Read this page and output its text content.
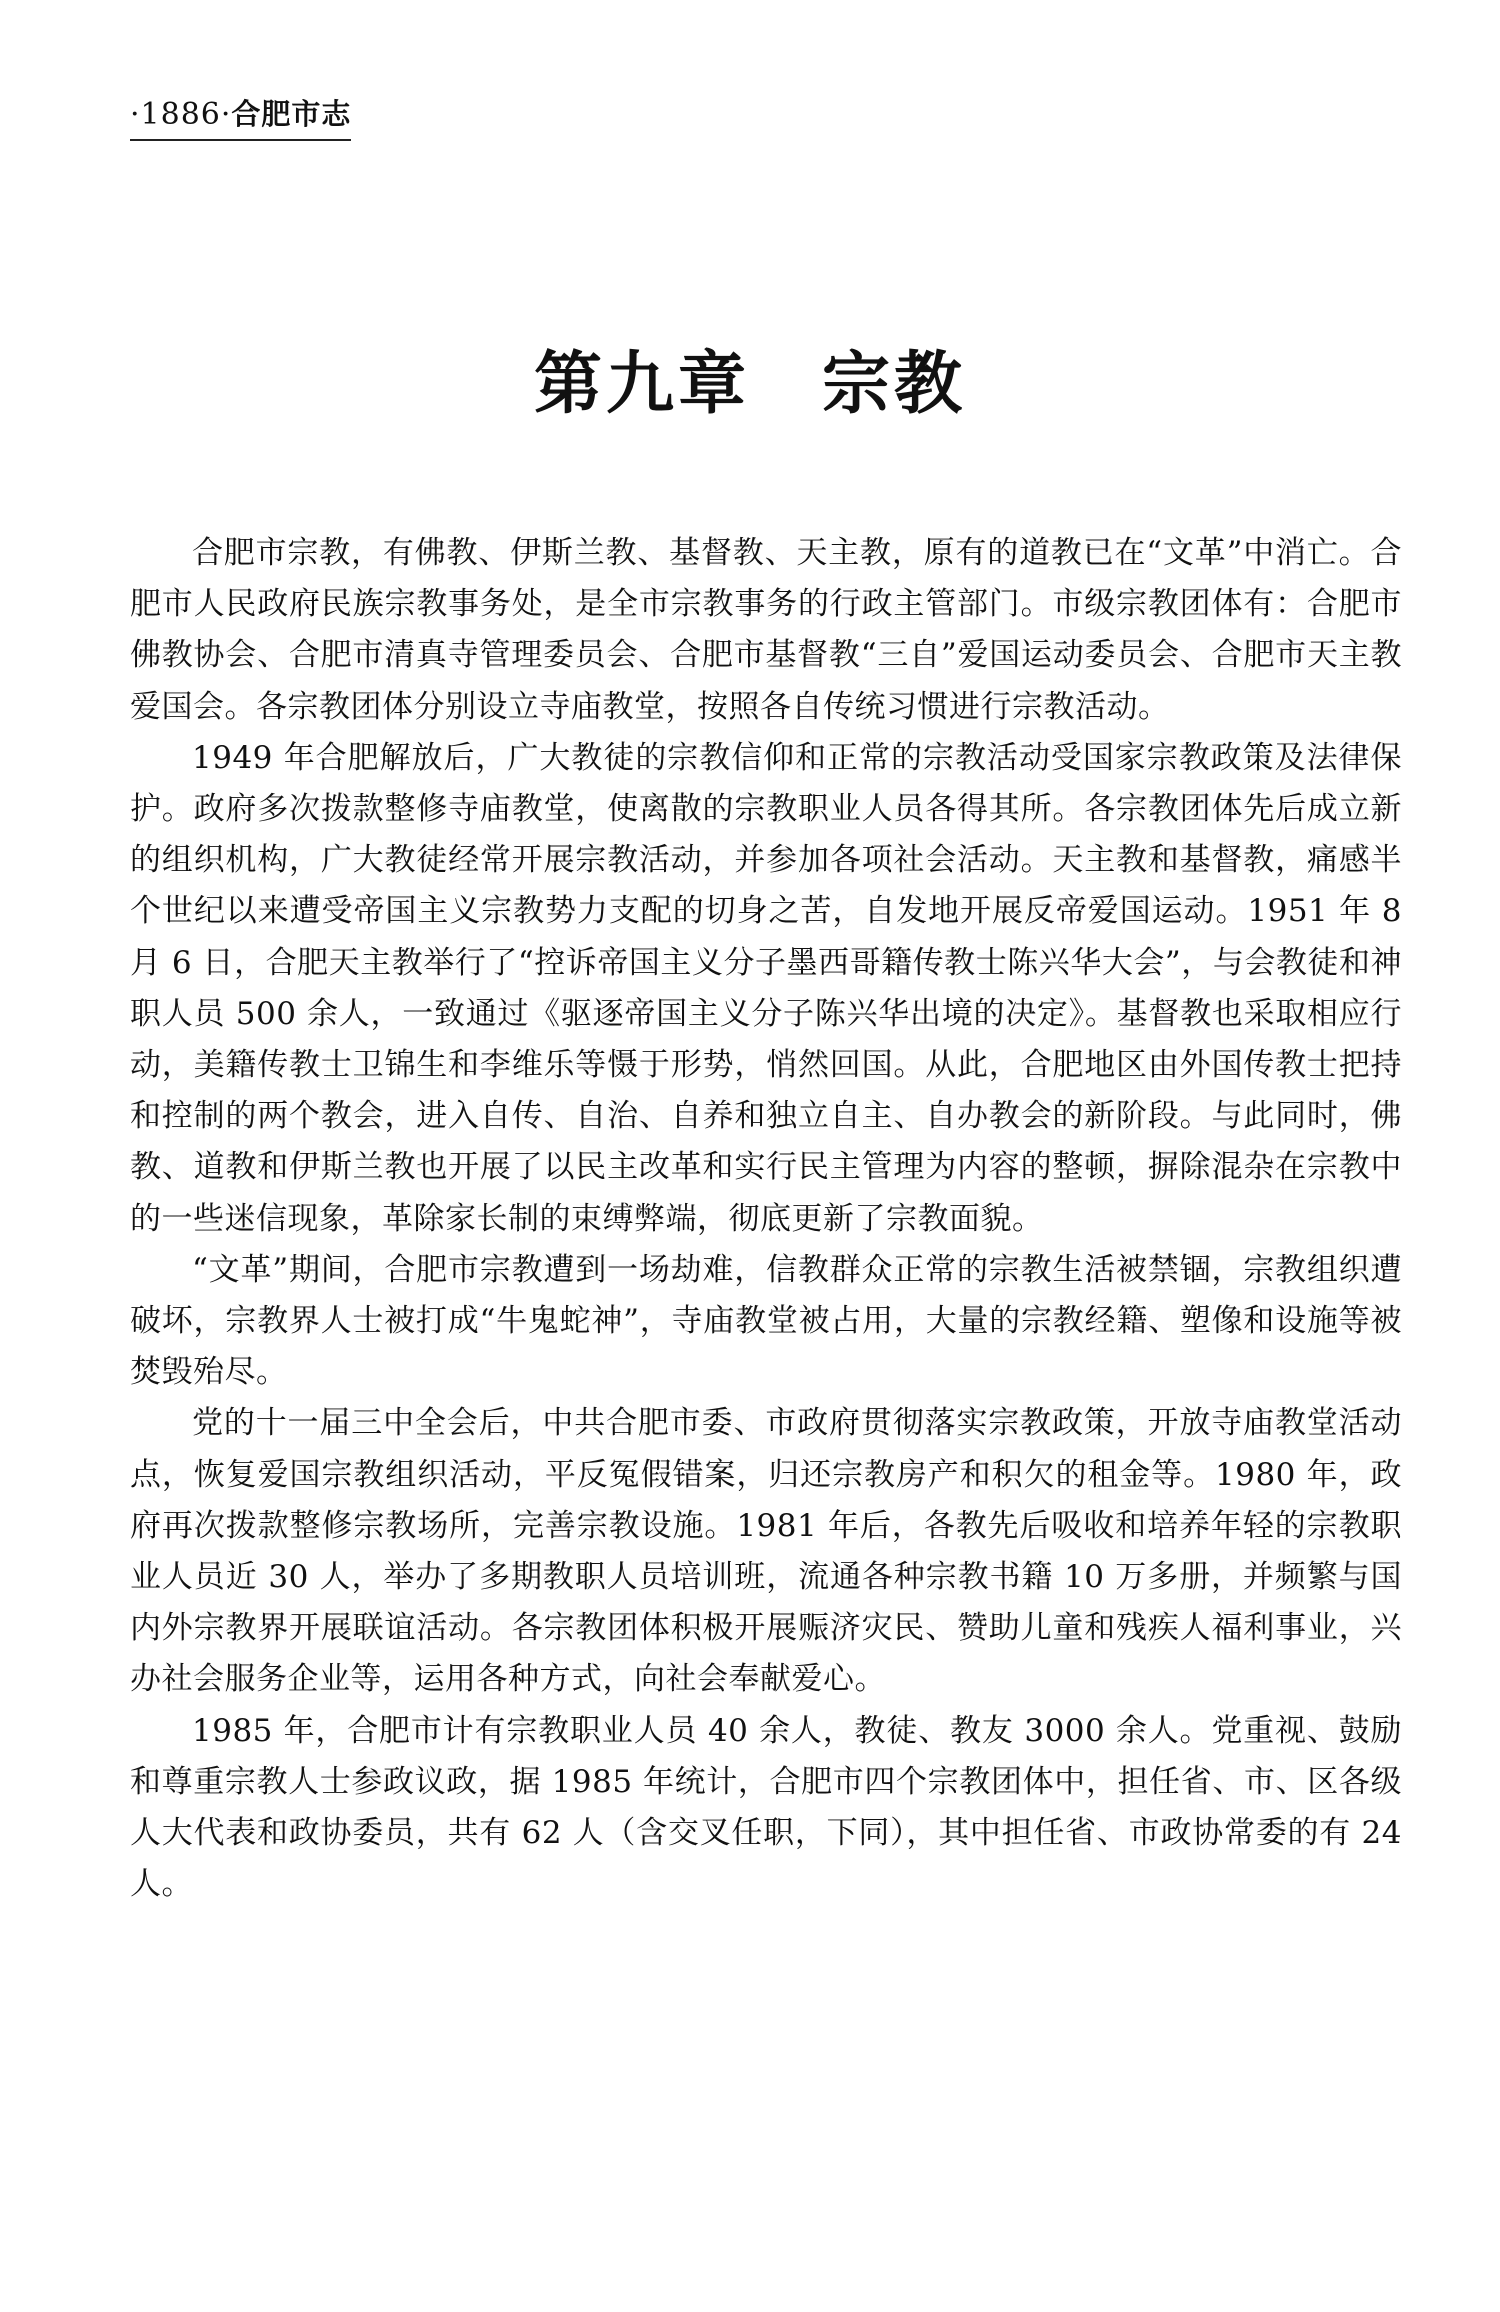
·1886·合肥市志
第九章　宗教

合肥市宗教，有佛教、伊斯兰教、基督教、天主教，原有的道教已在“文革”中消亡。合肥市人民政府民族宗教事务处，是全市宗教事务的行政主管部门。市级宗教团体有：合肥市佛教协会、合肥市清真寺管理委员会、合肥市基督教“三自”爱国运动委员会、合肥市天主教爱国会。各宗教团体分别设立寺庙教堂，按照各自传统习惯进行宗教活动。

1949 年合肥解放后，广大教徒的宗教信仰和正常的宗教活动受国家宗教政策及法律保护。政府多次拨款整修寺庙教堂，使离散的宗教职业人员各得其所。各宗教团体先后成立新的组织机构，广大教徒经常开展宗教活动，并参加各项社会活动。天主教和基督教，痛感半个世纪以来遭受帝国主义宗教势力支配的切身之苦，自发地开展反帝爱国运动。1951 年 8 月 6 日，合肥天主教举行了“控诉帝国主义分子墨西哥籍传教士陈兴华大会”，与会教徒和神职人员 500 余人，一致通过《驱逐帝国主义分子陈兴华出境的决定》。基督教也采取相应行动，美籍传教士卫锦生和李维乐等慑于形势，悄然回国。从此，合肥地区由外国传教士把持和控制的两个教会，进入自传、自治、自养和独立自主、自办教会的新阶段。与此同时，佛教、道教和伊斯兰教也开展了以民主改革和实行民主管理为内容的整顿，摒除混杂在宗教中的一些迷信现象，革除家长制的束缚弊端，彻底更新了宗教面貌。

“文革”期间，合肥市宗教遭到一场劫难，信教群众正常的宗教生活被禁锢，宗教组织遭破坏，宗教界人士被打成“牛鬼蛇神”，寺庙教堂被占用，大量的宗教经籍、塑像和设施等被焚毁殆尽。

党的十一届三中全会后，中共合肥市委、市政府贯彻落实宗教政策，开放寺庙教堂活动点，恢复爱国宗教组织活动，平反冤假错案，归还宗教房产和积欠的租金等。1980 年，政府再次拨款整修宗教场所，完善宗教设施。1981 年后，各教先后吸收和培养年轻的宗教职业人员近 30 人，举办了多期教职人员培训班，流通各种宗教书籍 10 万多册，并频繁与国内外宗教界开展联谊活动。各宗教团体积极开展赈济灾民、赞助儿童和残疾人福利事业，兴办社会服务企业等，运用各种方式，向社会奉献爱心。

1985 年，合肥市计有宗教职业人员 40 余人，教徒、教友 3000 余人。党重视、鼓励和尊重宗教人士参政议政，据 1985 年统计，合肥市四个宗教团体中，担任省、市、区各级人大代表和政协委员，共有 62 人（含交叉任职，下同），其中担任省、市政协常委的有 24 人。
